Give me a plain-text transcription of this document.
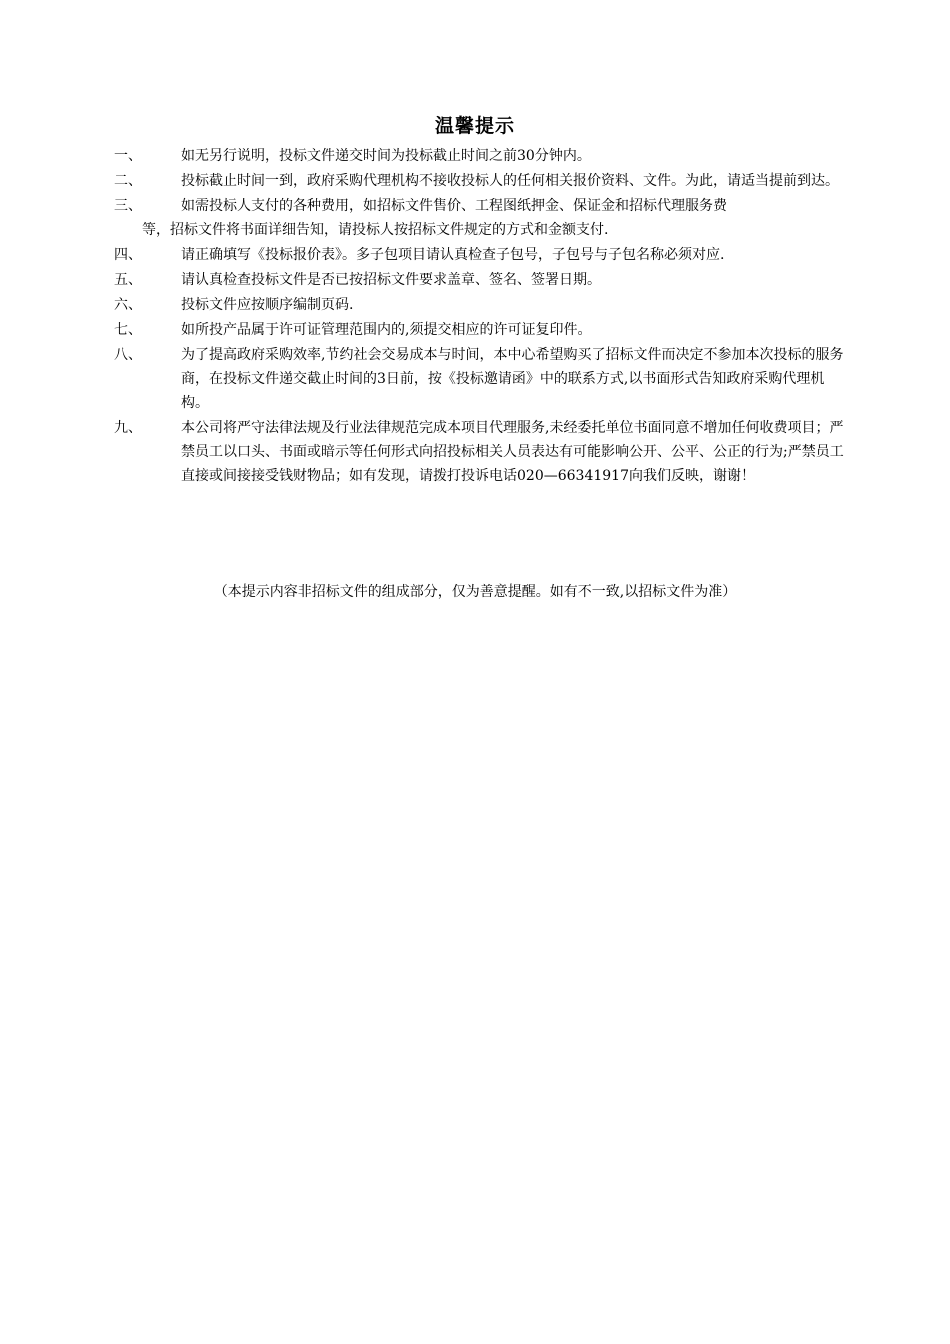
温馨提示
一、	如无另行说明，投标文件递交时间为投标截止时间之前30分钟内。
二、	投标截止时间一到，政府采购代理机构不接收投标人的任何相关报价资料、文件。为此，请适当提前到达。
三、	如需投标人支付的各种费用，如招标文件售价、工程图纸押金、保证金和招标代理服务费
等，招标文件将书面详细告知，请投标人按招标文件规定的方式和金额支付.
四、	请正确填写《投标报价表》。多子包项目请认真检查子包号，子包号与子包名称必须对应.
五、	请认真检查投标文件是否已按招标文件要求盖章、签名、签署日期。
六、	投标文件应按顺序编制页码.
七、	如所投产品属于许可证管理范围内的,须提交相应的许可证复印件。
八、	为了提高政府采购效率,节约社会交易成本与时间，本中心希望购买了招标文件而决定不参加本次投标的服务商，在投标文件递交截止时间的3日前，按《投标邀请函》中的联系方式,以书面形式告知政府采购代理机构。
九、	本公司将严守法律法规及行业法律规范完成本项目代理服务,未经委托单位书面同意不增加任何收费项目；严禁员工以口头、书面或暗示等任何形式向招投标相关人员表达有可能影响公开、公平、公正的行为;严禁员工直接或间接接受钱财物品；如有发现，请拨打投诉电话020—66341917向我们反映，谢谢！
（本提示内容非招标文件的组成部分，仅为善意提醒。如有不一致,以招标文件为准）
